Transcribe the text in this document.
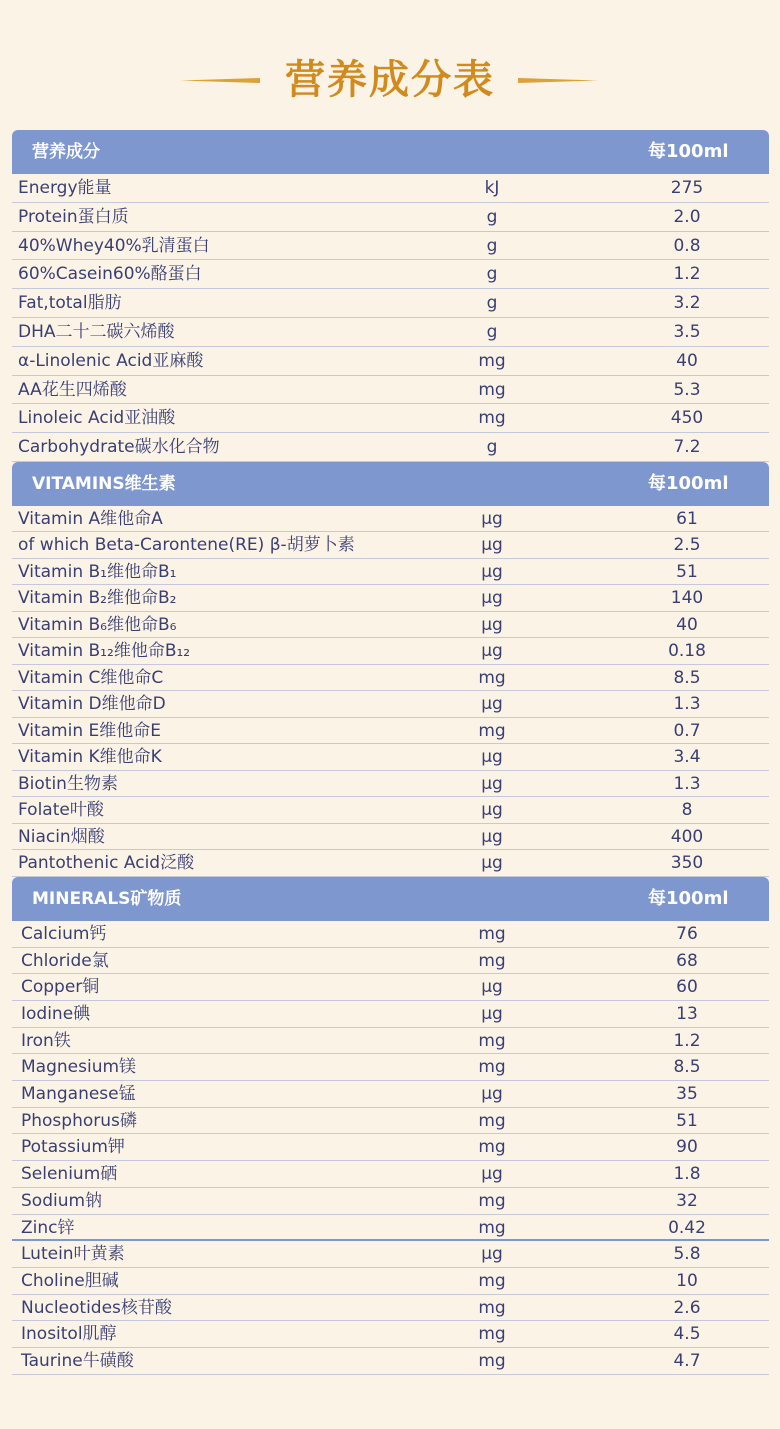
营养成分表
营养成分	每100ml
Energy能量	kJ	275
Protein蛋白质	g	2.0
40%Whey40%乳清蛋白	g	0.8
60%Casein60%酪蛋白	g	1.2
Fat,total脂肪	g	3.2
DHA二十二碳六烯酸	g	3.5
α-Linolenic Acid亚麻酸	mg	40
AA花生四烯酸	mg	5.3
Linoleic Acid亚油酸	mg	450
Carbohydrate碳水化合物	g	7.2
VITAMINS维生素	每100ml
Vitamin A维他命A	µg	61
of which Beta-Carontene(RE) β-胡萝卜素	µg	2.5
Vitamin B₁维他命B₁	µg	51
Vitamin B₂维他命B₂	µg	140
Vitamin B₆维他命B₆	µg	40
Vitamin B₁₂维他命B₁₂	µg	0.18
Vitamin C维他命C	mg	8.5
Vitamin D维他命D	µg	1.3
Vitamin E维他命E	mg	0.7
Vitamin K维他命K	µg	3.4
Biotin生物素	µg	1.3
Folate叶酸	µg	8
Niacin烟酸	µg	400
Pantothenic Acid泛酸	µg	350
MINERALS矿物质	每100ml
Calcium钙	mg	76
Chloride氯	mg	68
Copper铜	µg	60
Iodine碘	µg	13
Iron铁	mg	1.2
Magnesium镁	mg	8.5
Manganese锰	µg	35
Phosphorus磷	mg	51
Potassium钾	mg	90
Selenium硒	µg	1.8
Sodium钠	mg	32
Zinc锌	mg	0.42
Lutein叶黄素	µg	5.8
Choline胆碱	mg	10
Nucleotides核苷酸	mg	2.6
Inositol肌醇	mg	4.5
Taurine牛磺酸	mg	4.7
